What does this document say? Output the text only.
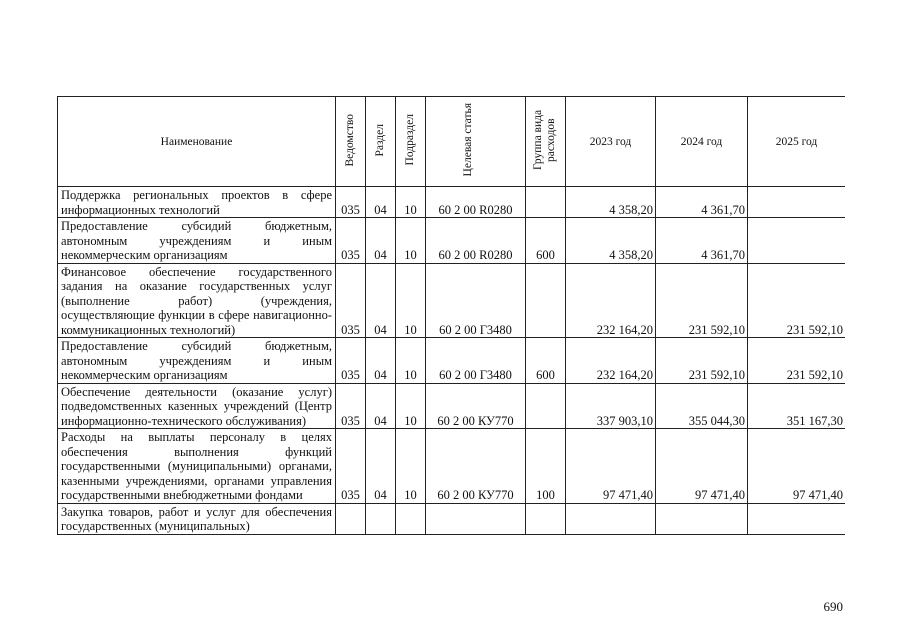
Наименование	Ведомство	Раздел	Подраздел	Целевая статья	Группа вида расходов	2023 год	2024 год	2025 год
Поддержка региональных проектов в сфере информационных технологий	035	04	10	60 2 00 R0280		4 358,20	4 361,70	
Предоставление субсидий бюджетным, автономным учреждениям и иным некоммерческим организациям	035	04	10	60 2 00 R0280	600	4 358,20	4 361,70	
Финансовое обеспечение государственного задания на оказание государственных услуг (выполнение работ) (учреждения, осуществляющие функции в сфере навигационно-коммуникационных технологий)	035	04	10	60 2 00 Г3480		232 164,20	231 592,10	231 592,10
Предоставление субсидий бюджетным, автономным учреждениям и иным некоммерческим организациям	035	04	10	60 2 00 Г3480	600	232 164,20	231 592,10	231 592,10
Обеспечение деятельности (оказание услуг) подведомственных казенных учреждений (Центр информационно-технического обслуживания)	035	04	10	60 2 00 КУ770		337 903,10	355 044,30	351 167,30
Расходы на выплаты персоналу в целях обеспечения выполнения функций государственными (муниципальными) органами, казенными учреждениями, органами управления государственными внебюджетными фондами	035	04	10	60 2 00 КУ770	100	97 471,40	97 471,40	97 471,40
Закупка товаров, работ и услуг для обеспечения государственных (муниципальных)								
690
